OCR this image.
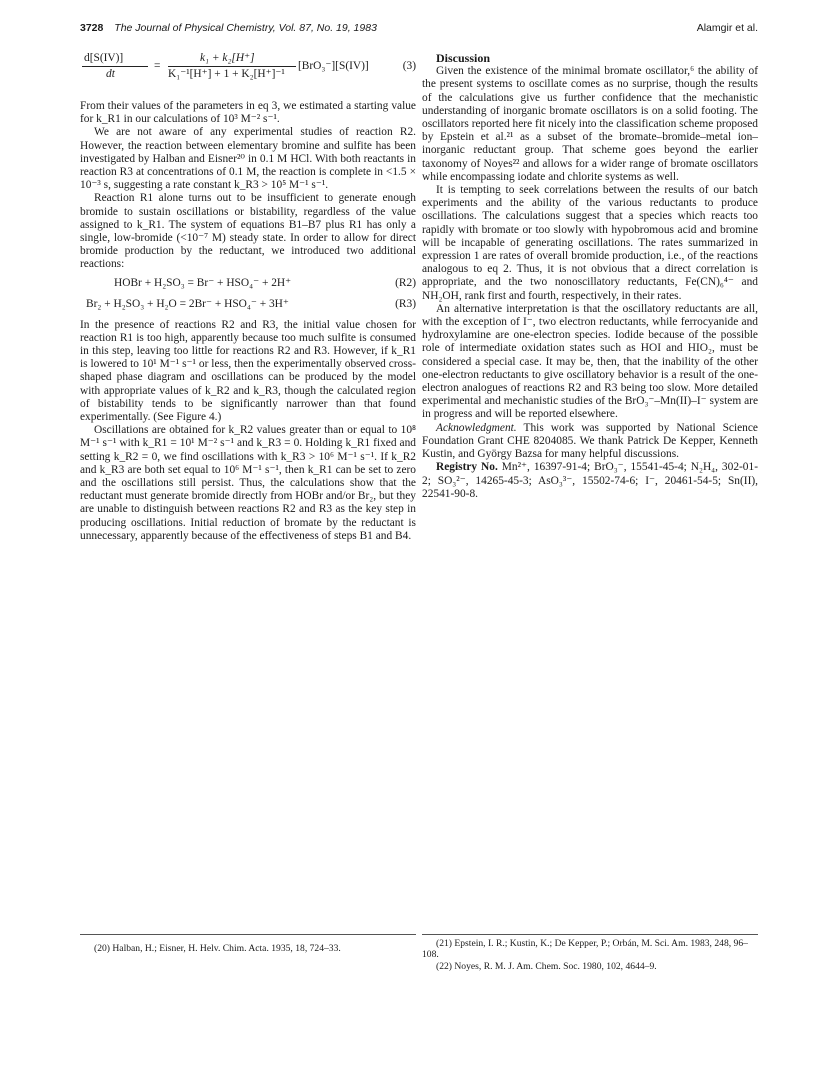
3728 The Journal of Physical Chemistry, Vol. 87, No. 19, 1983	Alamgir et al.
d[S(IV)]
dt
=
k₁ + k₂[H⁺]
K₁⁻¹[H⁺] + 1 + K₂[H⁺]⁻¹
[BrO₃⁻][S(IV)]	(3)

From their values of the parameters in eq 3, we estimated a starting value for k_R1 in our calculations of 10³ M⁻² s⁻¹.

We are not aware of any experimental studies of reaction R2. However, the reaction between elementary bromine and sulfite has been investigated by Halban and Eisner²⁰ in 0.1 M HCl. With both reactants in reaction R3 at concentrations of 0.1 M, the reaction is complete in <1.5 × 10⁻³ s, suggesting a rate constant k_R3 > 10⁵ M⁻¹ s⁻¹.

Reaction R1 alone turns out to be insufficient to generate enough bromide to sustain oscillations or bistability, regardless of the value assigned to k_R1. The system of equations B1–B7 plus R1 has only a single, low-bromide (<10⁻⁷ M) steady state. In order to allow for direct bromide production by the reductant, we introduced two additional reactions:

HOBr + H₂SO₃ = Br⁻ + HSO₄⁻ + 2H⁺	(R2)
Br₂ + H₂SO₃ + H₂O = 2Br⁻ + HSO₄⁻ + 3H⁺	(R3)

In the presence of reactions R2 and R3, the initial value chosen for reaction R1 is too high, apparently because too much sulfite is consumed in this step, leaving too little for reactions R2 and R3. However, if k_R1 is lowered to 10¹ M⁻¹ s⁻¹ or less, then the experimentally observed cross-shaped phase diagram and oscillations can be produced by the model with appropriate values of k_R2 and k_R3, though the calculated region of bistability tends to be significantly narrower than that found experimentally. (See Figure 4.)

Oscillations are obtained for k_R2 values greater than or equal to 10⁸ M⁻¹ s⁻¹ with k_R1 = 10¹ M⁻² s⁻¹ and k_R3 = 0. Holding k_R1 fixed and setting k_R2 = 0, we find oscillations with k_R3 > 10⁶ M⁻¹ s⁻¹. If k_R2 and k_R3 are both set equal to 10⁶ M⁻¹ s⁻¹, then k_R1 can be set to zero and the oscillations still persist. Thus, the calculations show that the reductant must generate bromide directly from HOBr and/or Br₂, but they are unable to distinguish between reactions R2 and R3 as the key step in producing oscillations. Initial reduction of bromate by the reductant is unnecessary, apparently because of the effectiveness of steps B1 and B4.

Discussion

Given the existence of the minimal bromate oscillator,⁶ the ability of the present systems to oscillate comes as no surprise, though the results of the calculations give us further confidence that the mechanistic understanding of inorganic bromate oscillators is on a solid footing. The oscillators reported here fit nicely into the classification scheme proposed by Epstein et al.²¹ as a subset of the bromate–bromide–metal ion–inorganic reductant group. That scheme goes beyond the earlier taxonomy of Noyes²² and allows for a wider range of bromate oscillators while encompassing iodate and chlorite systems as well.

It is tempting to seek correlations between the results of our batch experiments and the ability of the various reductants to produce oscillations. The calculations suggest that a species which reacts too rapidly with bromate or too slowly with hypobromous acid and bromine will be incapable of generating oscillations. The rates summarized in expression 1 are rates of overall bromide production, i.e., of the reactions analogous to eq 2. Thus, it is not obvious that a direct correlation is appropriate, and the two nonoscillatory reductants, Fe(CN)₆⁴⁻ and NH₂OH, rank first and fourth, respectively, in their rates.

An alternative interpretation is that the oscillatory reductants are all, with the exception of I⁻, two electron reductants, while ferrocyanide and hydroxylamine are one-electron species. Iodide because of the possible role of intermediate oxidation states such as HOI and HIO₂, must be considered a special case. It may be, then, that the inability of the other one-electron reductants to give oscillatory behavior is a result of the one-electron analogues of reactions R2 and R3 being too slow. More detailed experimental and mechanistic studies of the BrO₃⁻–Mn(II)–I⁻ system are in progress and will be reported elsewhere.

Acknowledgment. This work was supported by National Science Foundation Grant CHE 8204085. We thank Patrick De Kepper, Kenneth Kustin, and György Bazsa for many helpful discussions.

Registry No. Mn²⁺, 16397-91-4; BrO₃⁻, 15541-45-4; N₂H₄, 302-01-2; SO₃²⁻, 14265-45-3; AsO₃³⁻, 15502-74-6; I⁻, 20461-54-5; Sn(II), 22541-90-8.

(20) Halban, H.; Eisner, H. Helv. Chim. Acta. 1935, 18, 724–33.	(21) Epstein, I. R.; Kustin, K.; De Kepper, P.; Orbán, M. Sci. Am. 1983, 248, 96–108.

(22) Noyes, R. M. J. Am. Chem. Soc. 1980, 102, 4644–9.
